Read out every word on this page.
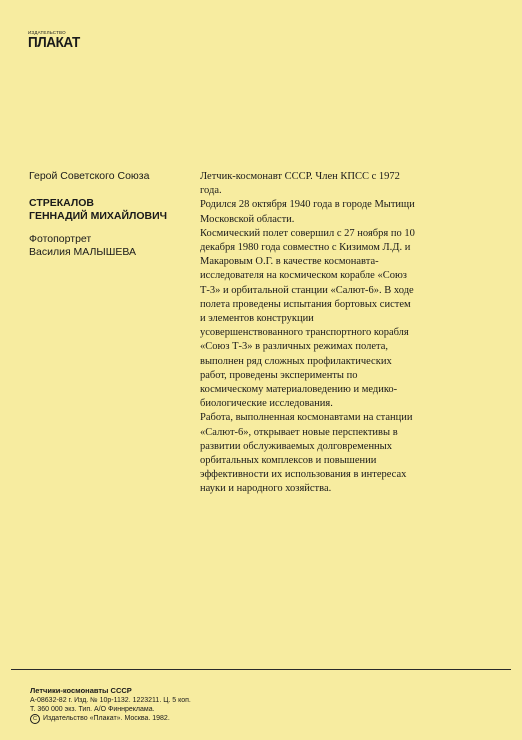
ИЗДАТЕЛЬСТВО
ПЛАКАТ
Герой Советского Союза
СТРЕКАЛОВ
ГЕННАДИЙ МИХАЙЛОВИЧ
Фотопортрет
Василия МАЛЫШЕВА

Летчик-космонавт СССР. Член КПСС с 1972 года.

Родился 28 октября 1940 года в городе Мытищи Московской области.

Космический полет совершил с 27 ноября по 10 декабря 1980 года совместно с Кизимом Л.Д. и Макаровым О.Г. в качестве космонавта-исследователя на космическом корабле «Союз Т-3» и орбитальной станции «Салют-6». В ходе полета проведены испытания бортовых систем и элементов конструкции усовершенствованного транспортного корабля «Союз Т-3» в различных режимах полета, выполнен ряд сложных профилактических работ, проведены эксперименты по космическому материаловедению и медико-биологические исследования.

Работа, выполненная космонавтами на станции «Салют-6», открывает новые перспективы в развитии обслуживаемых долговременных орбитальных комплексов и повышении эффективности их использования в интересах науки и народного хозяйства.

Летчики-космонавты СССР
А-08632-82 г. Изд. № 10р-1132. 1223211. Ц. 5 коп.
Т. 360 000 экз. Тип. А/О Финнреклама.
C Издательство «Плакат». Москва. 1982.
